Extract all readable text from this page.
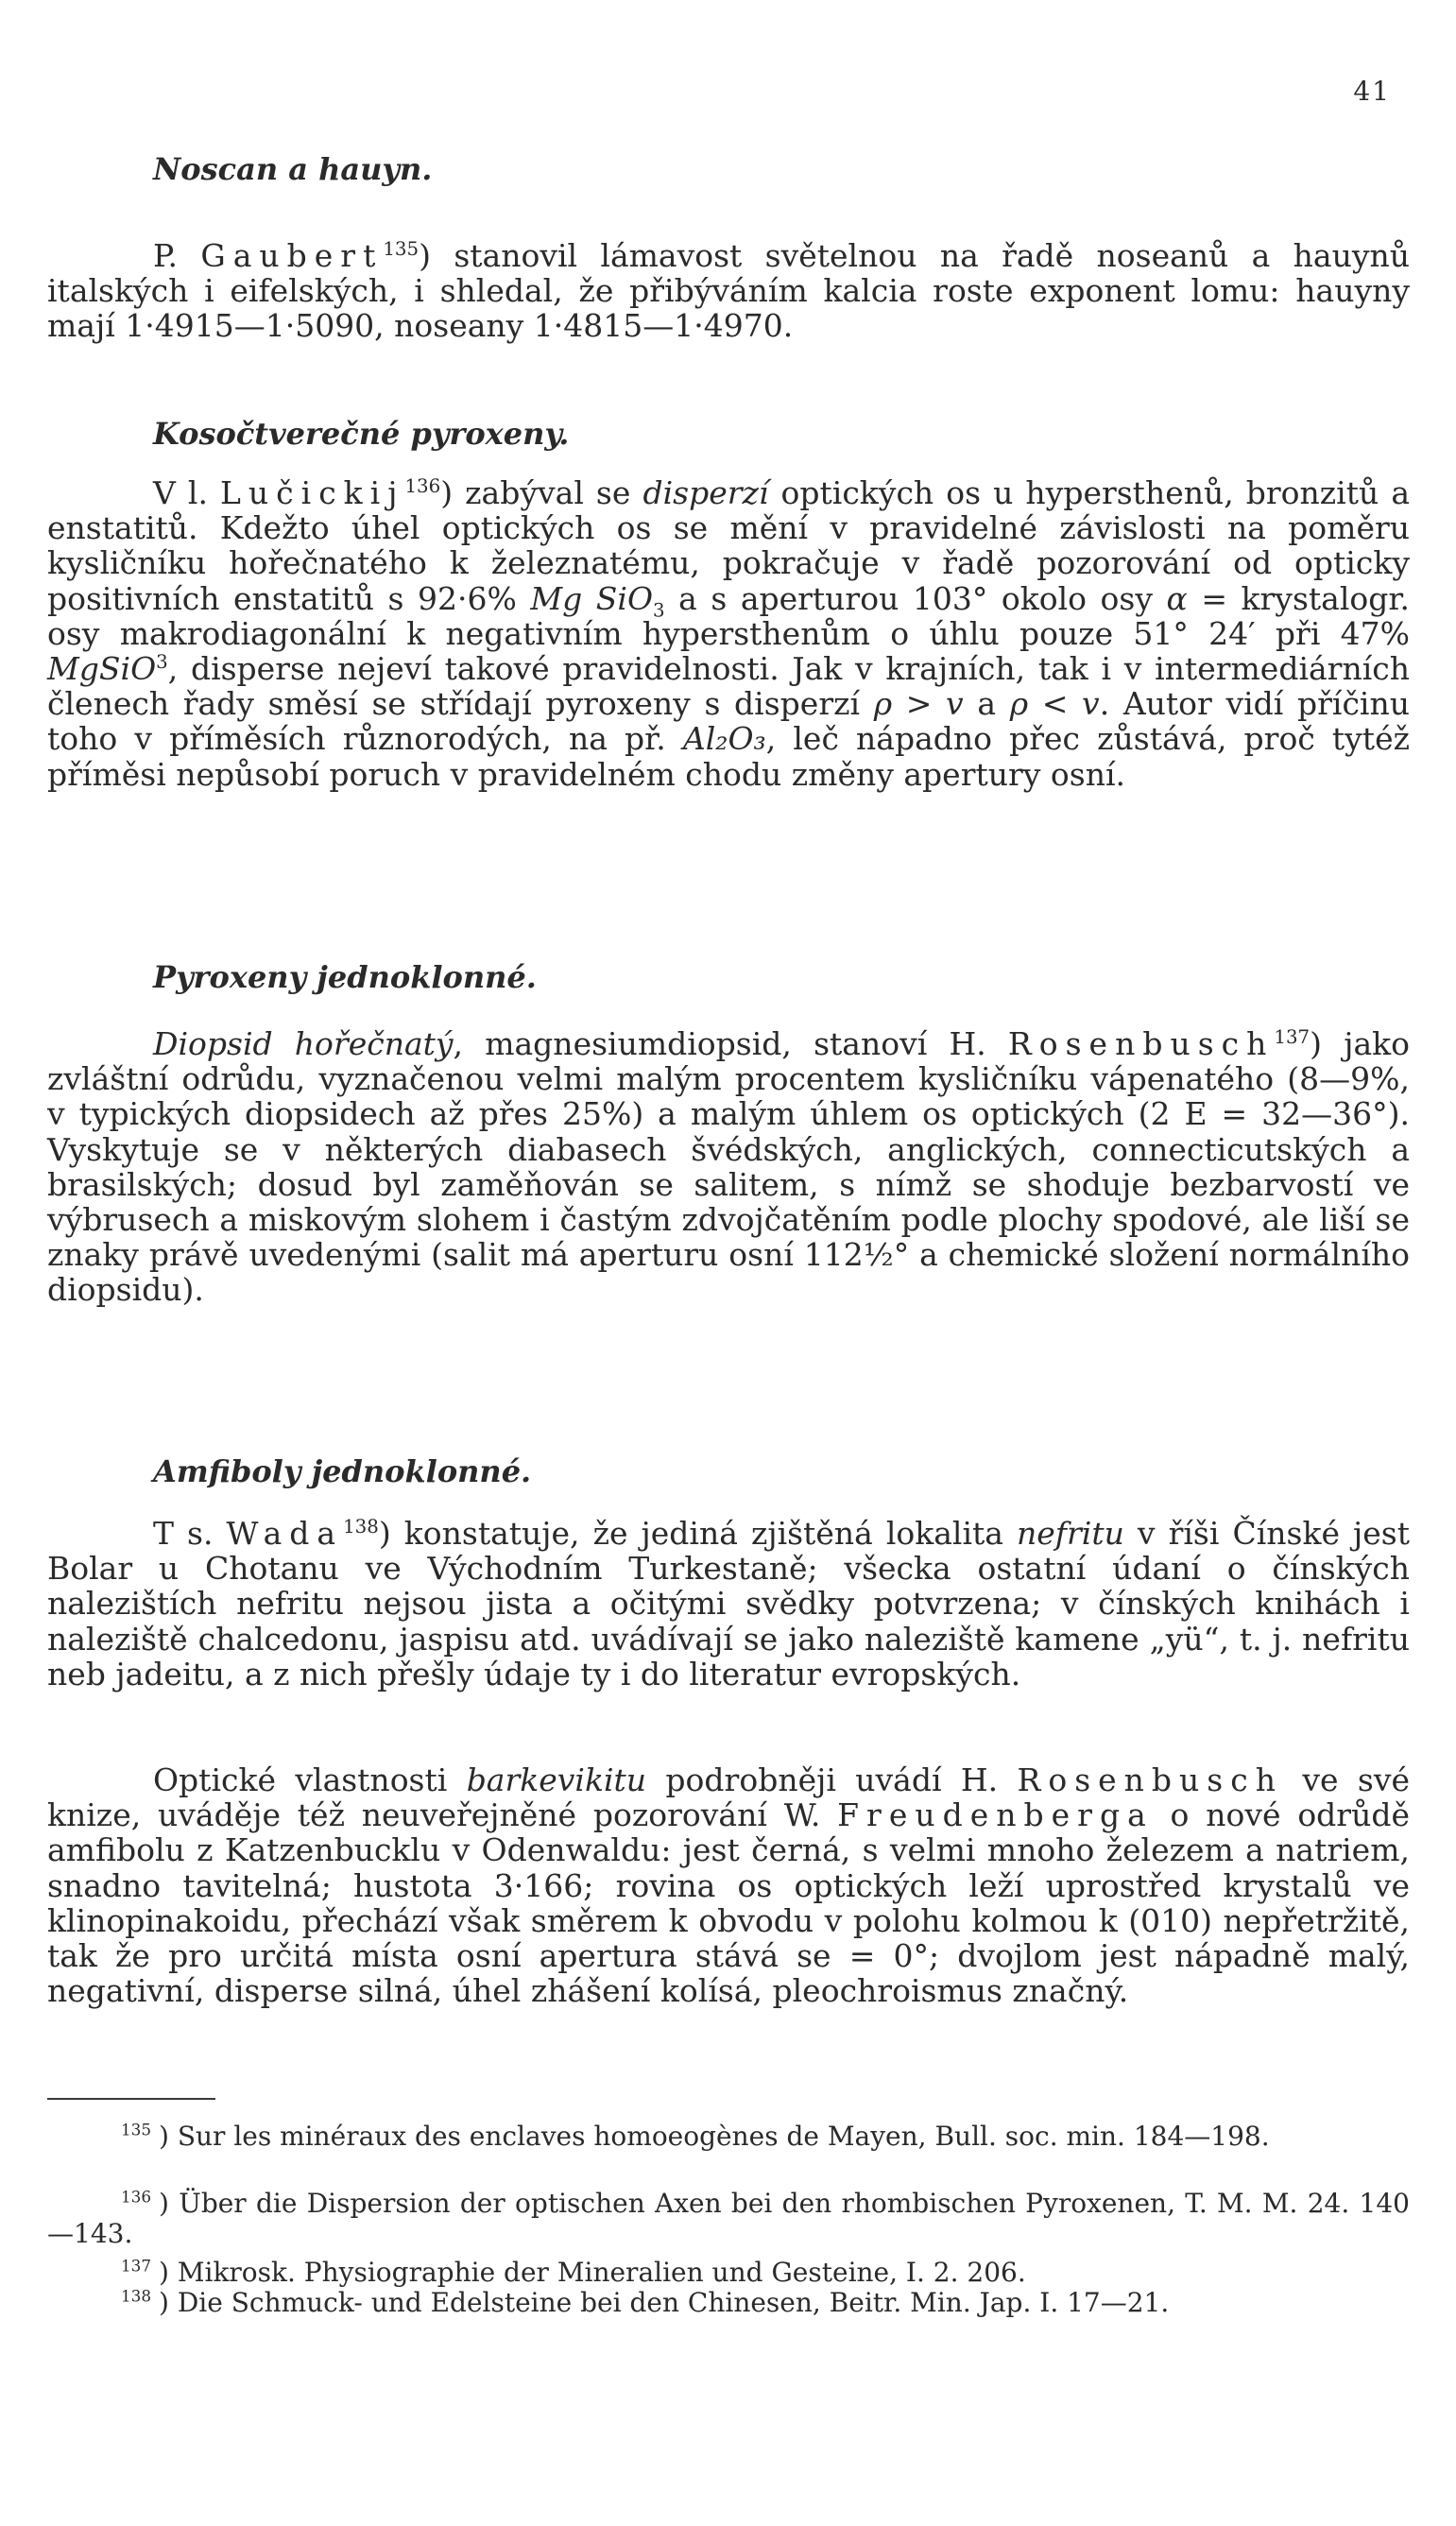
41
Noscan a hauyn.

P. Gaubert$^{135}$) stanovil lámavost světelnou na řadě noseanů a hauynů italských i eifelských, i shledal, že přibýváním kalcia roste exponent lomu: hauyny mají 1·4915—1·5090, noseany 1·4815—1·4970.

Kosočtverečné pyroxeny.

V l. Lučickij$^{136}$) zabýval se disperzí optických os u hypersthenů, bronzitů a enstatitů. Kdežto úhel optických os se mění v pravidelné závislosti na poměru kysličníku hořečnatého k železnatému, pokračuje v řadě pozorování od opticky positivních enstatitů s 92·6% Mg SiO$_3$ a s aperturou 103° okolo osy α = krystalogr. osy makrodiagonální k negativním hypersthenům o úhlu pouze 51° 24′ při 47% MgSiO$^3$, disperse nejeví takové pravidelnosti. Jak v krajních, tak i v intermediárních členech řady směsí se střídají pyroxeny s disperzí ρ > v a ρ < v. Autor vidí příčinu toho v příměsích různorodých, na př. Al₂O₃, leč nápadno přec zůstává, proč tytéž příměsi nepůsobí poruch v pravidelném chodu změny apertury osní.

Pyroxeny jednoklonné.

Diopsid hořečnatý, magnesiumdiopsid, stanoví H. Rosenbusch$^{137}$) jako zvláštní odrůdu, vyznačenou velmi malým procentem kysličníku vápenatého (8—9%, v typických diopsidech až přes 25%) a malým úhlem os optických (2 E = 32—36°). Vyskytuje se v některých diabasech švédských, anglických, connecticutských a brasilských; dosud byl zaměňován se salitem, s nímž se shoduje bezbarvostí ve výbrusech a miskovým slohem i častým zdvojčatěním podle plochy spodové, ale liší se znaky právě uvedenými (salit má aperturu osní 112½° a chemické složení normálního diopsidu).

Amfiboly jednoklonné.

T s. Wada$^{138}$) konstatuje, že jediná zjištěná lokalita nefritu v říši Čínské jest Bolar u Chotanu ve Východním Turkestaně; všecka ostatní údaní o čínských nalezištích nefritu nejsou jista a očitými svědky potvrzena; v čínských knihách i naleziště chalcedonu, jaspisu atd. uvádívají se jako naleziště kamene „yü“, t. j. nefritu neb jadeitu, a z nich přešly údaje ty i do literatur evropských.

Optické vlastnosti barkevikitu podrobněji uvádí H. Rosenbusch ve své knize, uváděje též neuveřejněné pozorování W. Freudenberga o nové odrůdě amfibolu z Katzenbucklu v Odenwaldu: jest černá, s velmi mnoho železem a natriem, snadno tavitelná; hustota 3·166; rovina os optických leží uprostřed krystalů ve klinopinakoidu, přechází však směrem k obvodu v polohu kolmou k (010) nepřetržitě, tak že pro určitá místa osní apertura stává se = 0°; dvojlom jest nápadně malý, negativní, disperse silná, úhel zhášení kolísá, pleochroismus značný.

$^{135}$ ) Sur les minéraux des enclaves homoeogènes de Mayen, Bull. soc. min. 184—198.

$^{136}$ ) Über die Dispersion der optischen Axen bei den rhombischen Pyroxenen, T. M. M. 24. 140—143.

$^{137}$ ) Mikrosk. Physiographie der Mineralien und Gesteine, I. 2. 206.

$^{138}$ ) Die Schmuck- und Edelsteine bei den Chinesen, Beitr. Min. Jap. I. 17—21.
